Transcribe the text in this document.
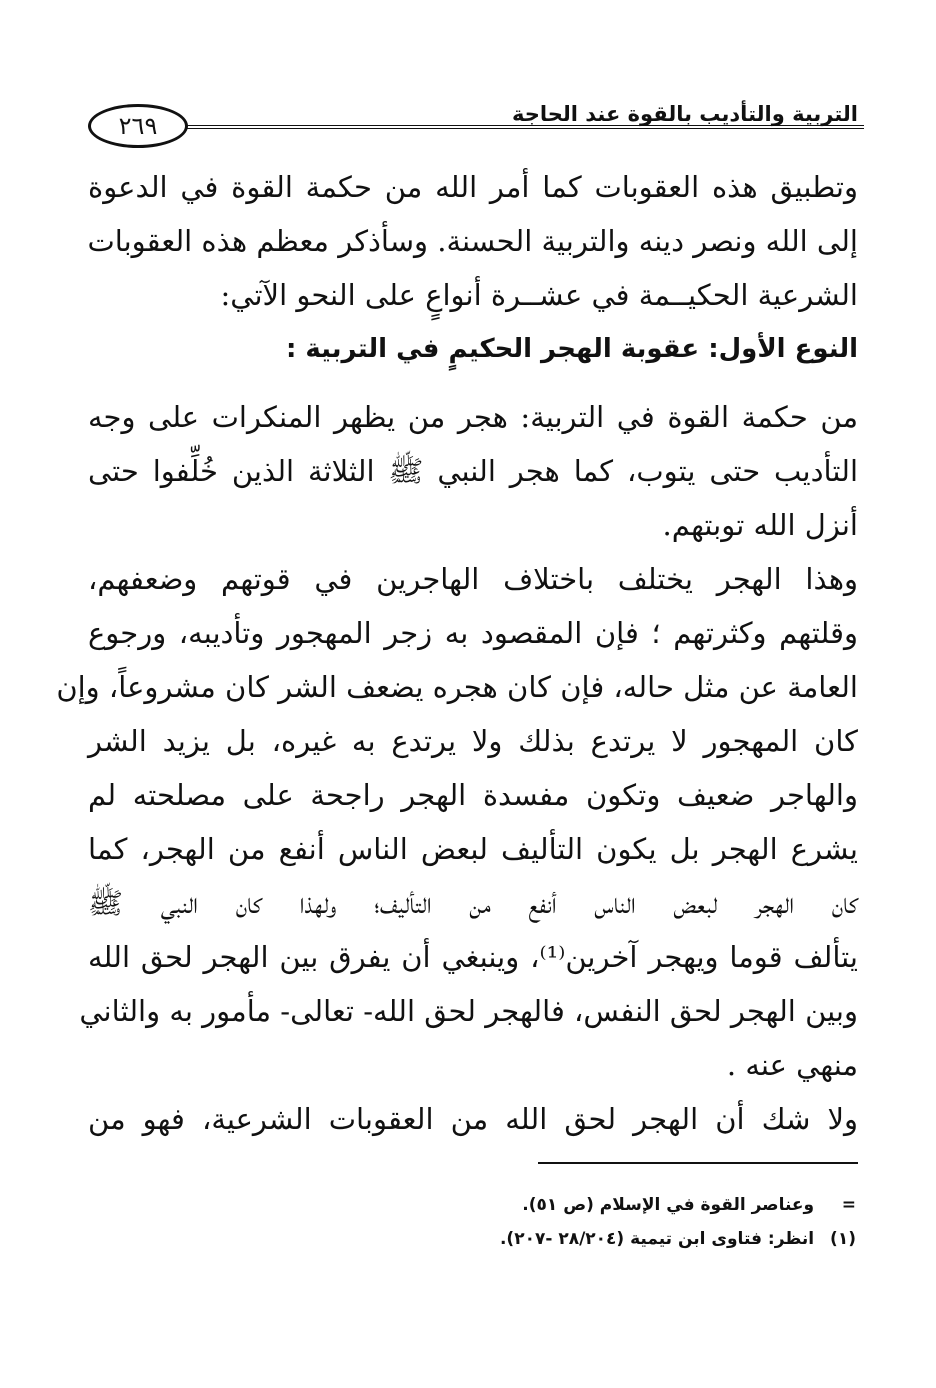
التربية والتأديب بالقوة عند الحاجة
٢٦٩
وتطبيق هذه العقوبات كما أمر الله من حكمة القوة في الدعوة
إلى الله ونصر دينه والتربية الحسنة. وسأذكر معظم هذه العقوبات
الشرعية الحكيــمة في عشــرة أنواعٍ على النحو الآتي:
النوع الأول: عقوبة الهجر الحكيمٍ في التربية :
من حكمة القوة في التربية: هجر من يظهر المنكرات على وجه
التأديب حتى يتوب، كما هجر النبي ﷺ الثلاثة الذين خُلِّفوا حتى
أنزل الله توبتهم.
وهذا الهجر يختلف باختلاف الهاجرين في قوتهم وضعفهم،
وقلتهم وكثرتهم ؛ فإن المقصود به زجر المهجور وتأديبه، ورجوع
العامة عن مثل حاله، فإن كان هجره يضعف الشر كان مشروعاً، وإن
كان المهجور لا يرتدع بذلك ولا يرتدع به غيره، بل يزيد الشر
والهاجر ضعيف وتكون مفسدة الهجر راجحة على مصلحته لم
يشرع الهجر بل يكون التأليف لبعض الناس أنفع من الهجر، كما
كان الهجر لبعض الناس أنفع من التأليف؛ ولهذا كان النبي ﷺ
يتألف قوما ويهجر آخرين⁽¹⁾، وينبغي أن يفرق بين الهجر لحق الله
وبين الهجر لحق النفس، فالهجر لحق الله- تعالى- مأمور به والثاني
منهي عنه .
ولا شك أن الهجر لحق الله من العقوبات الشرعية، فهو من
= وعناصر القوة في الإسلام (ص ٥١).
(١) انظر: فتاوى ابن تيمية (٢٨/٢٠٤ -٢٠٧).
